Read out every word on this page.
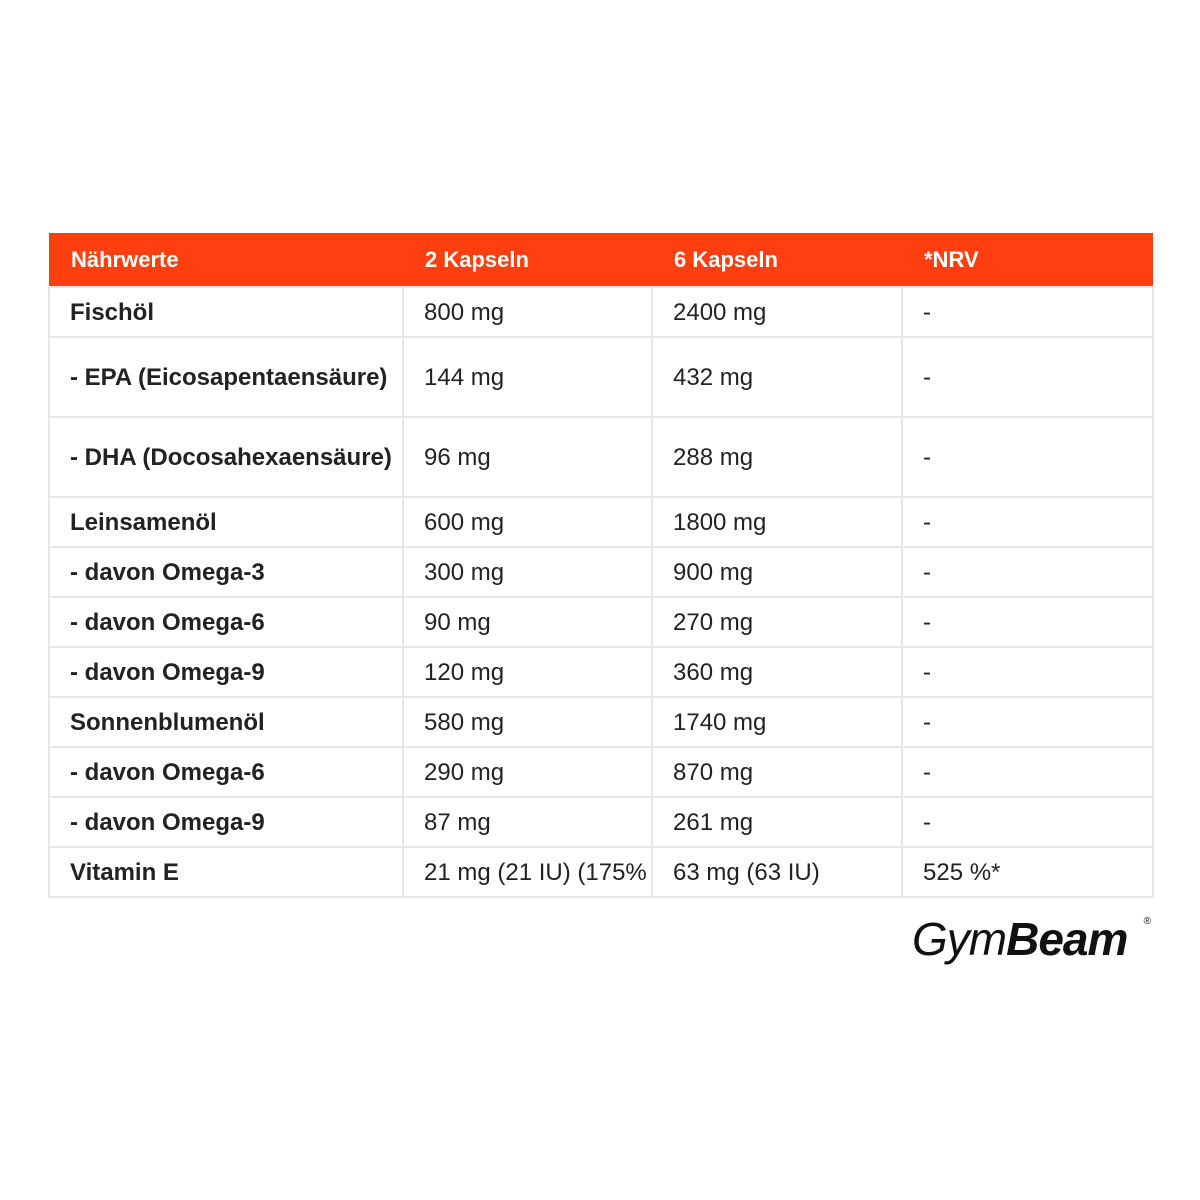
Nährwerte	2 Kapseln	6 Kapseln	*NRV
Fischöl	800 mg	2400 mg	-
- EPA (Eicosapentaensäure)	144 mg	432 mg	-
- DHA (Docosahexaensäure)	96 mg	288 mg	-
Leinsamenöl	600 mg	1800 mg	-
- davon Omega-3	300 mg	900 mg	-
- davon Omega-6	90 mg	270 mg	-
- davon Omega-9	120 mg	360 mg	-
Sonnenblumenöl	580 mg	1740 mg	-
- davon Omega-6	290 mg	870 mg	-
- davon Omega-9	87 mg	261 mg	-
Vitamin E	21 mg (21 IU) (175%	63 mg (63 IU)	525 %*
GymBeam ®
